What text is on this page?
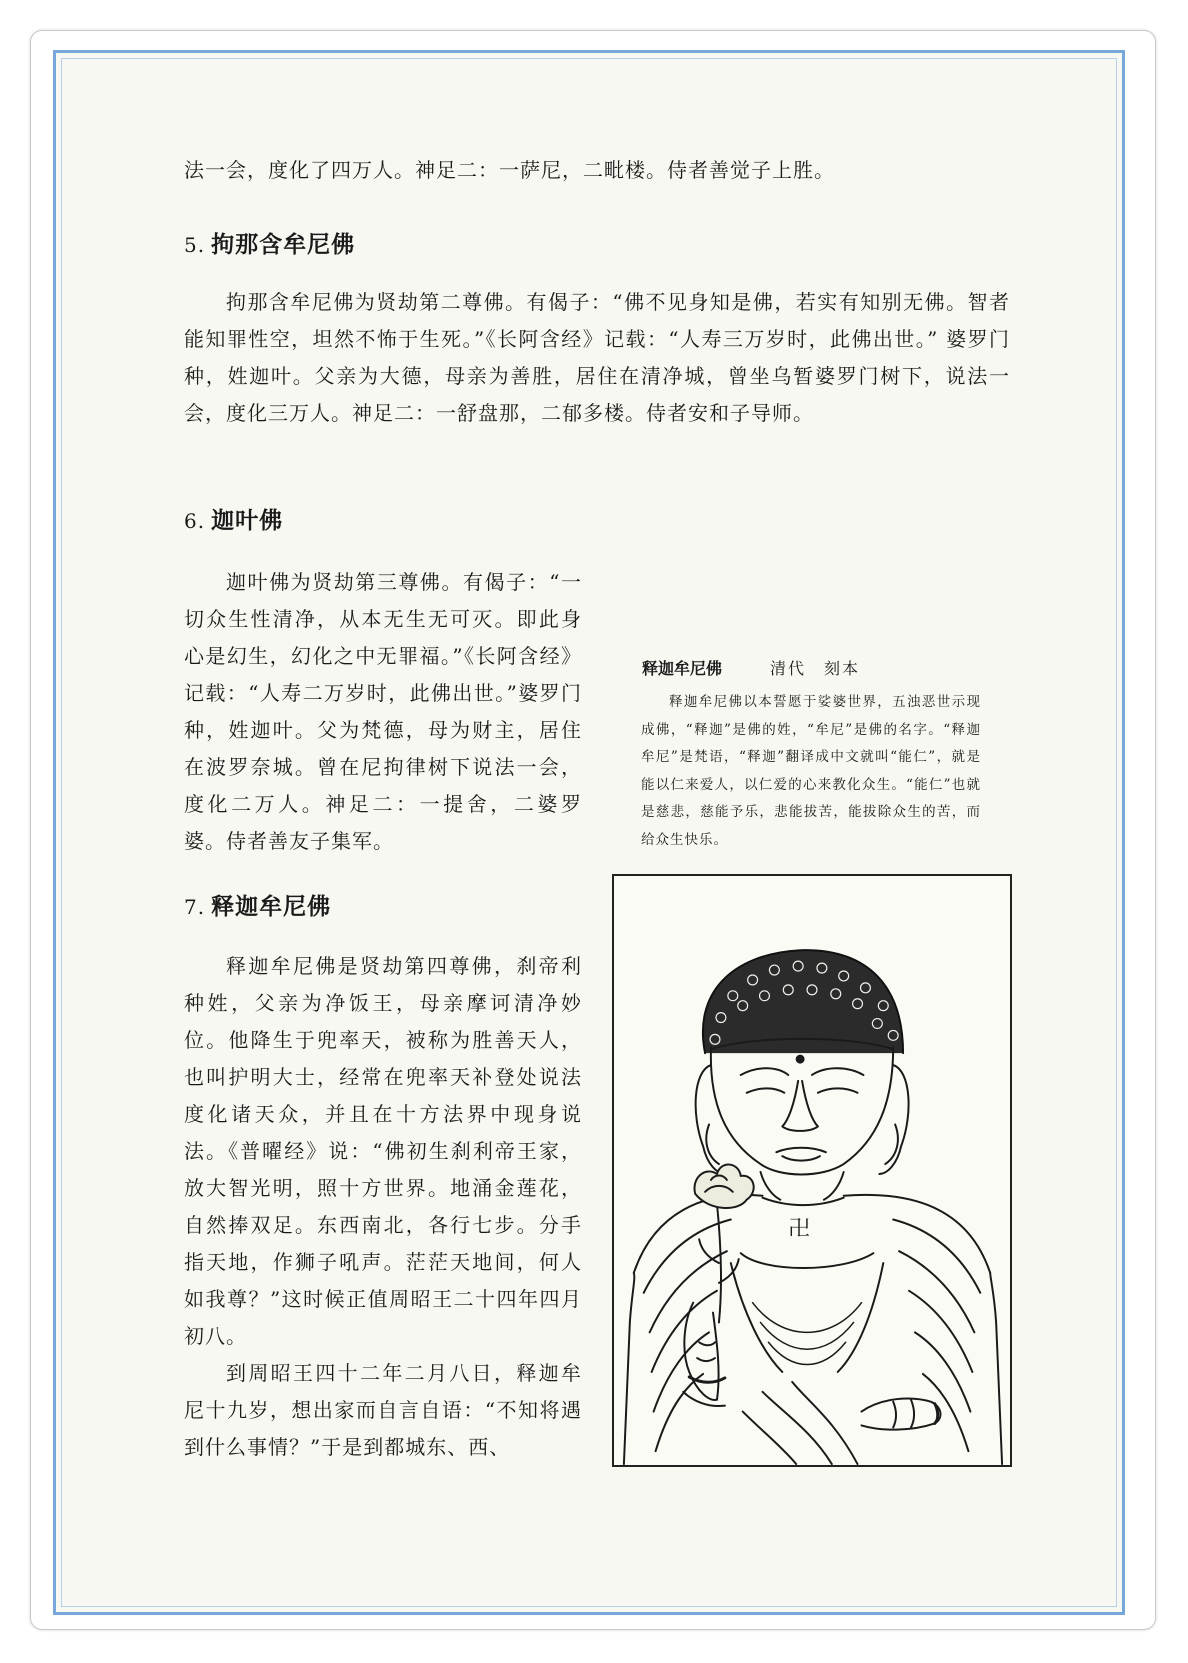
法一会，度化了四万人。神足二：一萨尼，二毗楼。侍者善觉子上胜。

5. 拘那含牟尼佛

拘那含牟尼佛为贤劫第二尊佛。有偈子：“佛不见身知是佛，若实有知别无佛。智者能知罪性空，坦然不怖于生死。”《长阿含经》记载：“人寿三万岁时，此佛出世。” 婆罗门种，姓迦叶。父亲为大德，母亲为善胜，居住在清净城，曾坐乌暂婆罗门树下，说法一会，度化三万人。神足二：一舒盘那，二郁多楼。侍者安和子导师。

6. 迦叶佛

迦叶佛为贤劫第三尊佛。有偈子：“一切众生性清净，从本无生无可灭。即此身心是幻生，幻化之中无罪福。”《长阿含经》记载：“人寿二万岁时，此佛出世。”婆罗门种，姓迦叶。父为梵德，母为财主，居住在波罗奈城。曾在尼拘律树下说法一会，度化二万人。神足二：一提舍，二婆罗婆。侍者善友子集军。

7. 释迦牟尼佛

释迦牟尼佛是贤劫第四尊佛，刹帝利种姓，父亲为净饭王，母亲摩诃清净妙位。他降生于兜率天，被称为胜善天人，也叫护明大士，经常在兜率天补登处说法度化诸天众，并且在十方法界中现身说法。《普曜经》说：“佛初生刹利帝王家，放大智光明，照十方世界。地涌金莲花，自然捧双足。东西南北，各行七步。分手指天地，作狮子吼声。茫茫天地间，何人如我尊？”这时候正值周昭王二十四年四月初八。

到周昭王四十二年二月八日，释迦牟尼十九岁，想出家而自言自语：“不知将遇到什么事情？”于是到都城东、西、

释迦牟尼佛	清代　刻本
释迦牟尼佛以本誓愿于娑婆世界，五浊恶世示现成佛，“释迦”是佛的姓，“牟尼”是佛的名字。“释迦牟尼”是梵语，“释迦”翻译成中文就叫“能仁”，就是能以仁来爱人，以仁爱的心来教化众生。“能仁”也就是慈悲，慈能予乐，悲能拔苦，能拔除众生的苦，而给众生快乐。
卍
